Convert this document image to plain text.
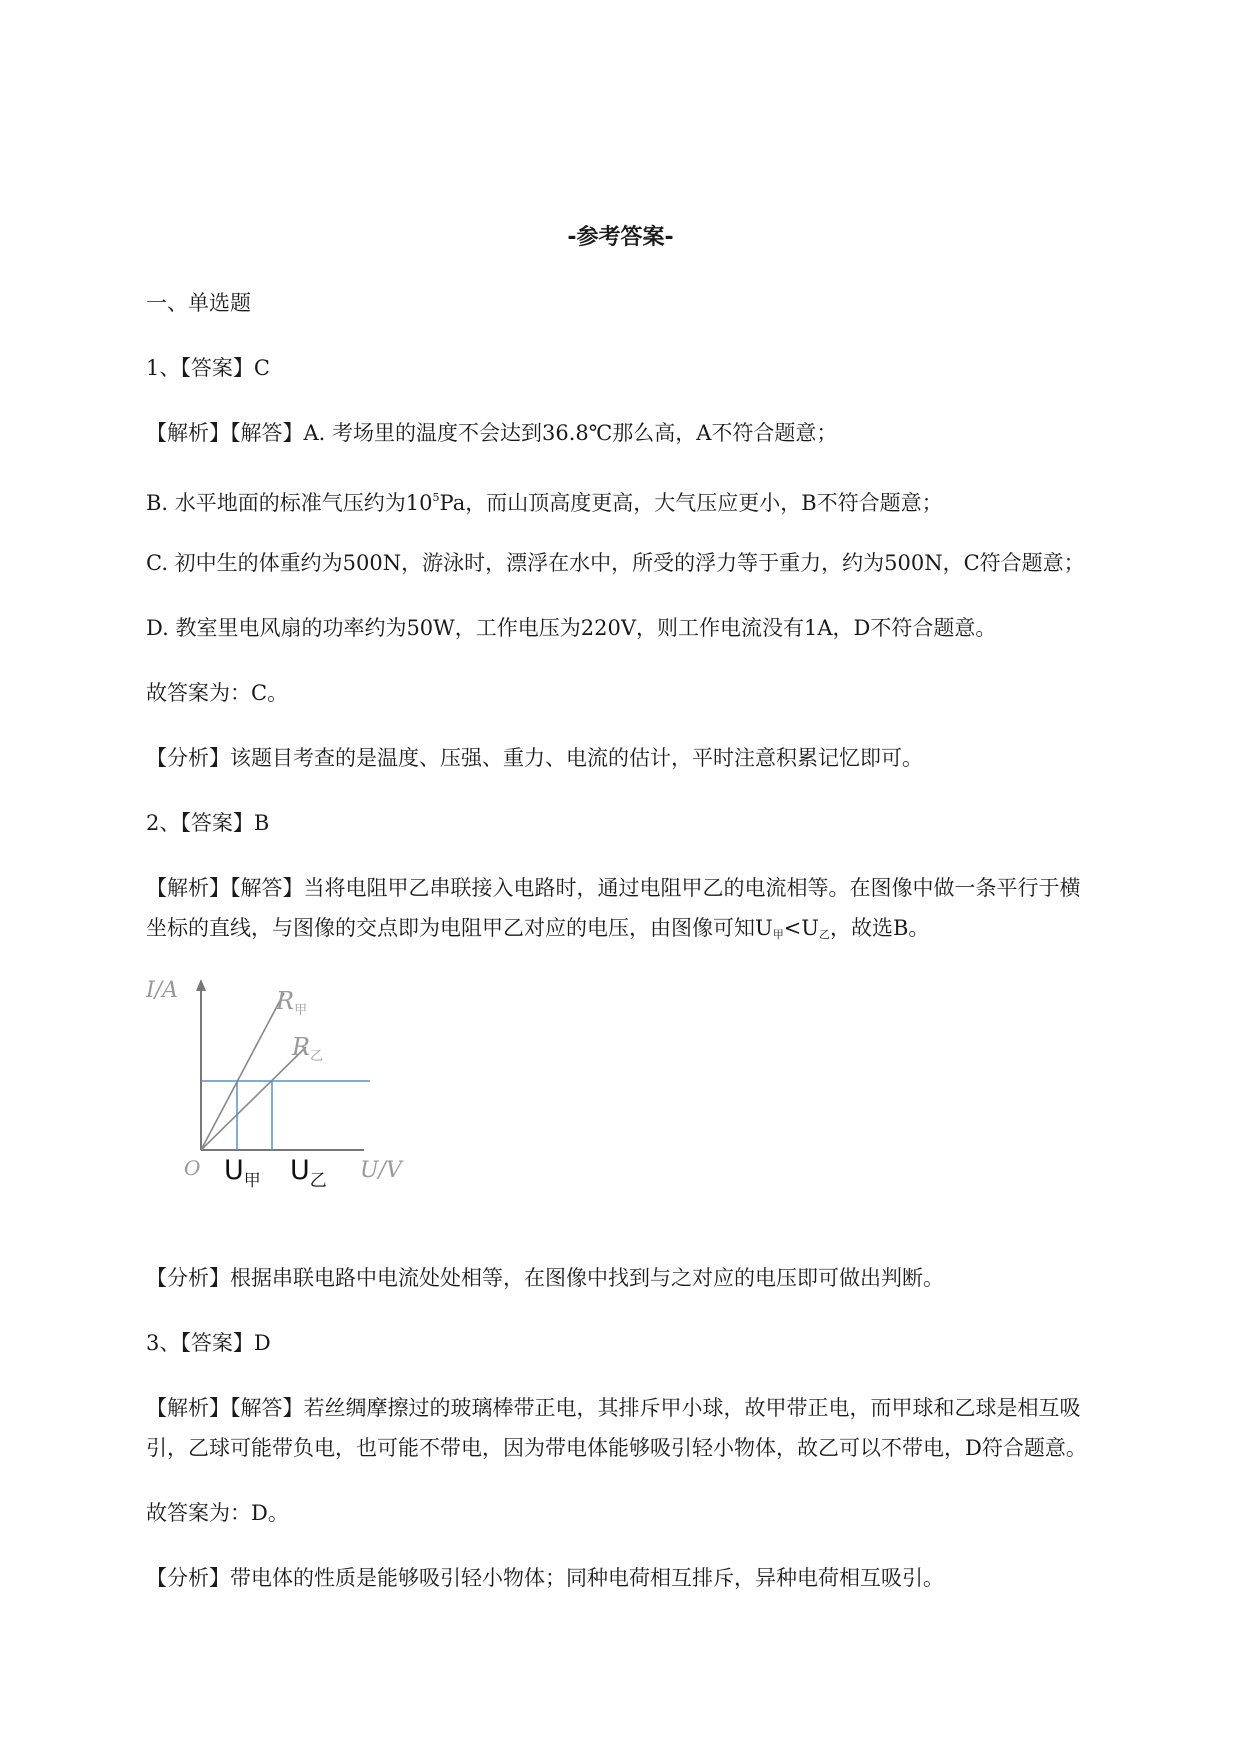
-参考答案-
一、单选题
1、【答案】C
【解析】【解答】A. 考场里的温度不会达到36.8℃那么高，A不符合题意；
B. 水平地面的标准气压约为$10^5Pa$，而山顶高度更高，大气压应更小，B不符合题意；
C. 初中生的体重约为500N，游泳时，漂浮在水中，所受的浮力等于重力，约为500N，C符合题意；
D. 教室里电风扇的功率约为50W，工作电压为220V，则工作电流没有1A，D不符合题意。
故答案为：C。
【分析】该题目考查的是温度、压强、重力、电流的估计，平时注意积累记忆即可。
2、【答案】B
【解析】【解答】当将电阻甲乙串联接入电路时，通过电阻甲乙的电流相等。在图像中做一条平行于横
坐标的直线，与图像的交点即为电阻甲乙对应的电压，由图像可知$U_甲<U_乙$，故选B。
I/A
U/V
O
$R_甲$
$R_乙$
$U_甲$ $U_乙$
【分析】根据串联电路中电流处处相等，在图像中找到与之对应的电压即可做出判断。
3、【答案】D
【解析】【解答】若丝绸摩擦过的玻璃棒带正电，其排斥甲小球，故甲带正电，而甲球和乙球是相互吸
引，乙球可能带负电，也可能不带电，因为带电体能够吸引轻小物体，故乙可以不带电，D符合题意。
故答案为：D。
【分析】带电体的性质是能够吸引轻小物体；同种电荷相互排斥，异种电荷相互吸引。
